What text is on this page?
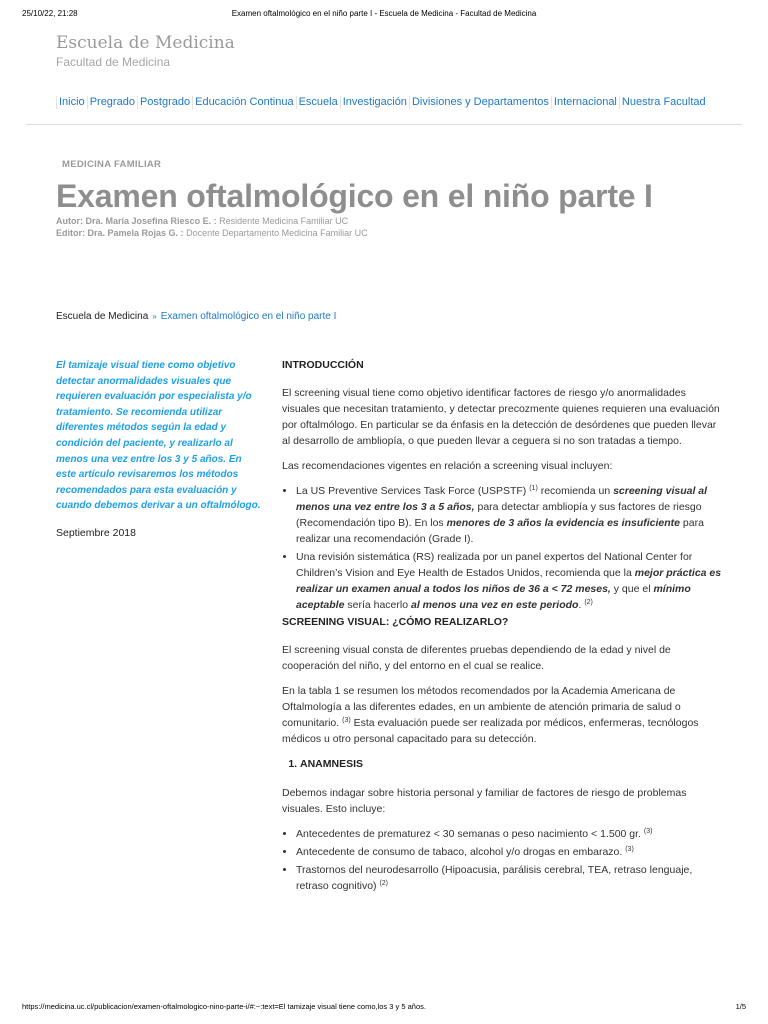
25/10/22, 21:28	Examen oftalmológico en el niño parte I - Escuela de Medicina - Facultad de Medicina
Escuela de Medicina
Facultad de Medicina
Inicio Pregrado Postgrado Educación Continua Escuela Investigación Divisiones y Departamentos Internacional Nuestra Facultad
MEDICINA FAMILIAR
Examen oftalmológico en el niño parte I
Autor: Dra. María Josefina Riesco E. : Residente Medicina Familiar UC
Editor: Dra. Pamela Rojas G. : Docente Departamento Medicina Familiar UC
Escuela de Medicina » Examen oftalmológico en el niño parte I

El tamizaje visual tiene como objetivo detectar anormalidades visuales que requieren evaluación por especialista y/o tratamiento. Se recomienda utilizar diferentes métodos según la edad y condición del paciente, y realizarlo al menos una vez entre los 3 y 5 años. En este artículo revisaremos los métodos recomendados para esta evaluación y cuando debemos derivar a un oftalmólogo.

Septiembre 2018
INTRODUCCIÓN

El screening visual tiene como objetivo identificar factores de riesgo y/o anormalidades visuales que necesitan tratamiento, y detectar precozmente quienes requieren una evaluación por oftalmólogo. En particular se da énfasis en la detección de desórdenes que pueden llevar al desarrollo de ambliopía, o que pueden llevar a ceguera si no son tratadas a tiempo.

Las recomendaciones vigentes en relación a screening visual incluyen:

• La US Preventive Services Task Force (USPSTF) $^{(1)}$ recomienda un screening visual al menos una vez entre los 3 a 5 años, para detectar ambliopía y sus factores de riesgo (Recomendación tipo B). En los menores de 3 años la evidencia es insuficiente para realizar una recomendación (Grade I).
• Una revisión sistemática (RS) realizada por un panel expertos del National Center for Children’s Vision and Eye Health de Estados Unidos, recomienda que la mejor práctica es realizar un examen anual a todos los niños de 36 a < 72 meses, y que el mínimo aceptable sería hacerlo al menos una vez en este periodo. $^{(2)}$
SCREENING VISUAL: ¿CÓMO REALIZARLO?

El screening visual consta de diferentes pruebas dependiendo de la edad y nivel de cooperación del niño, y del entorno en el cual se realice.

En la tabla 1 se resumen los métodos recomendados por la Academia Americana de Oftalmología a las diferentes edades, en un ambiente de atención primaria de salud o comunitario. $^{(3)}$ Esta evaluación puede ser realizada por médicos, enfermeras, tecnólogos médicos u otro personal capacitado para su detección.

1. ANAMNESIS

Debemos indagar sobre historia personal y familiar de factores de riesgo de problemas visuales. Esto incluye:

• Antecedentes de prematurez < 30 semanas o peso nacimiento < 1.500 gr. $^{(3)}$
• Antecedente de consumo de tabaco, alcohol y/o drogas en embarazo. $^{(3)}$
• Trastornos del neurodesarrollo (Hipoacusia, parálisis cerebral, TEA, retraso lenguaje, retraso cognitivo) $^{(2)}$
https://medicina.uc.cl/publicacion/examen-oftalmologico-nino-parte-i/#:~:text=El tamizaje visual tiene como,los 3 y 5 años.	1/5
